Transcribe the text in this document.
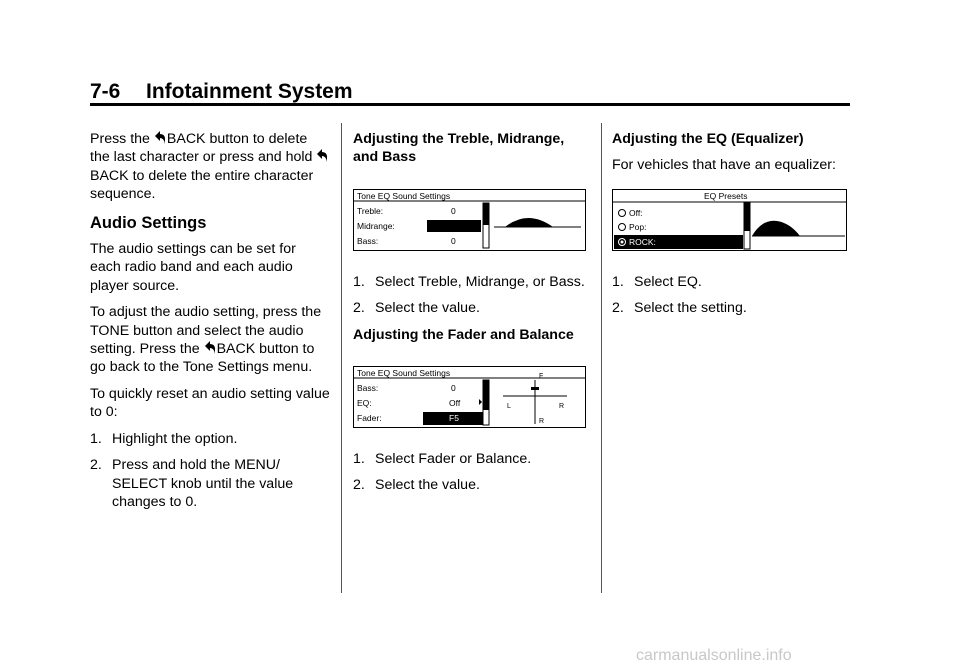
7-6 Infotainment System

Press the BACK button to delete the last character or press and hold BACK to delete the entire character sequence.

Audio Settings

The audio settings can be set for each radio band and each audio player source.

To adjust the audio setting, press the TONE button and select the audio setting. Press the BACK button to go back to the Tone Settings menu.

To quickly reset an audio setting value to 0:

1. Highlight the option.
2. Press and hold the MENU/ SELECT knob until the value changes to 0.
Adjusting the Treble, Midrange, and Bass
Tone EQ Sound Settings
Treble:	0
Midrange:
Bass:	0
1. Select Treble, Midrange, or Bass.
2. Select the value.
Adjusting the Fader and Balance
Tone EQ Sound Settings
Bass:	0
EQ:	Off
Fader:	F5
F
R
L	R
1. Select Fader or Balance.
2. Select the value.
Adjusting the EQ (Equalizer)

For vehicles that have an equalizer:

EQ Presets
Off:
Pop:
ROCK:
1. Select EQ.
2. Select the setting.
carmanualsonline.info
